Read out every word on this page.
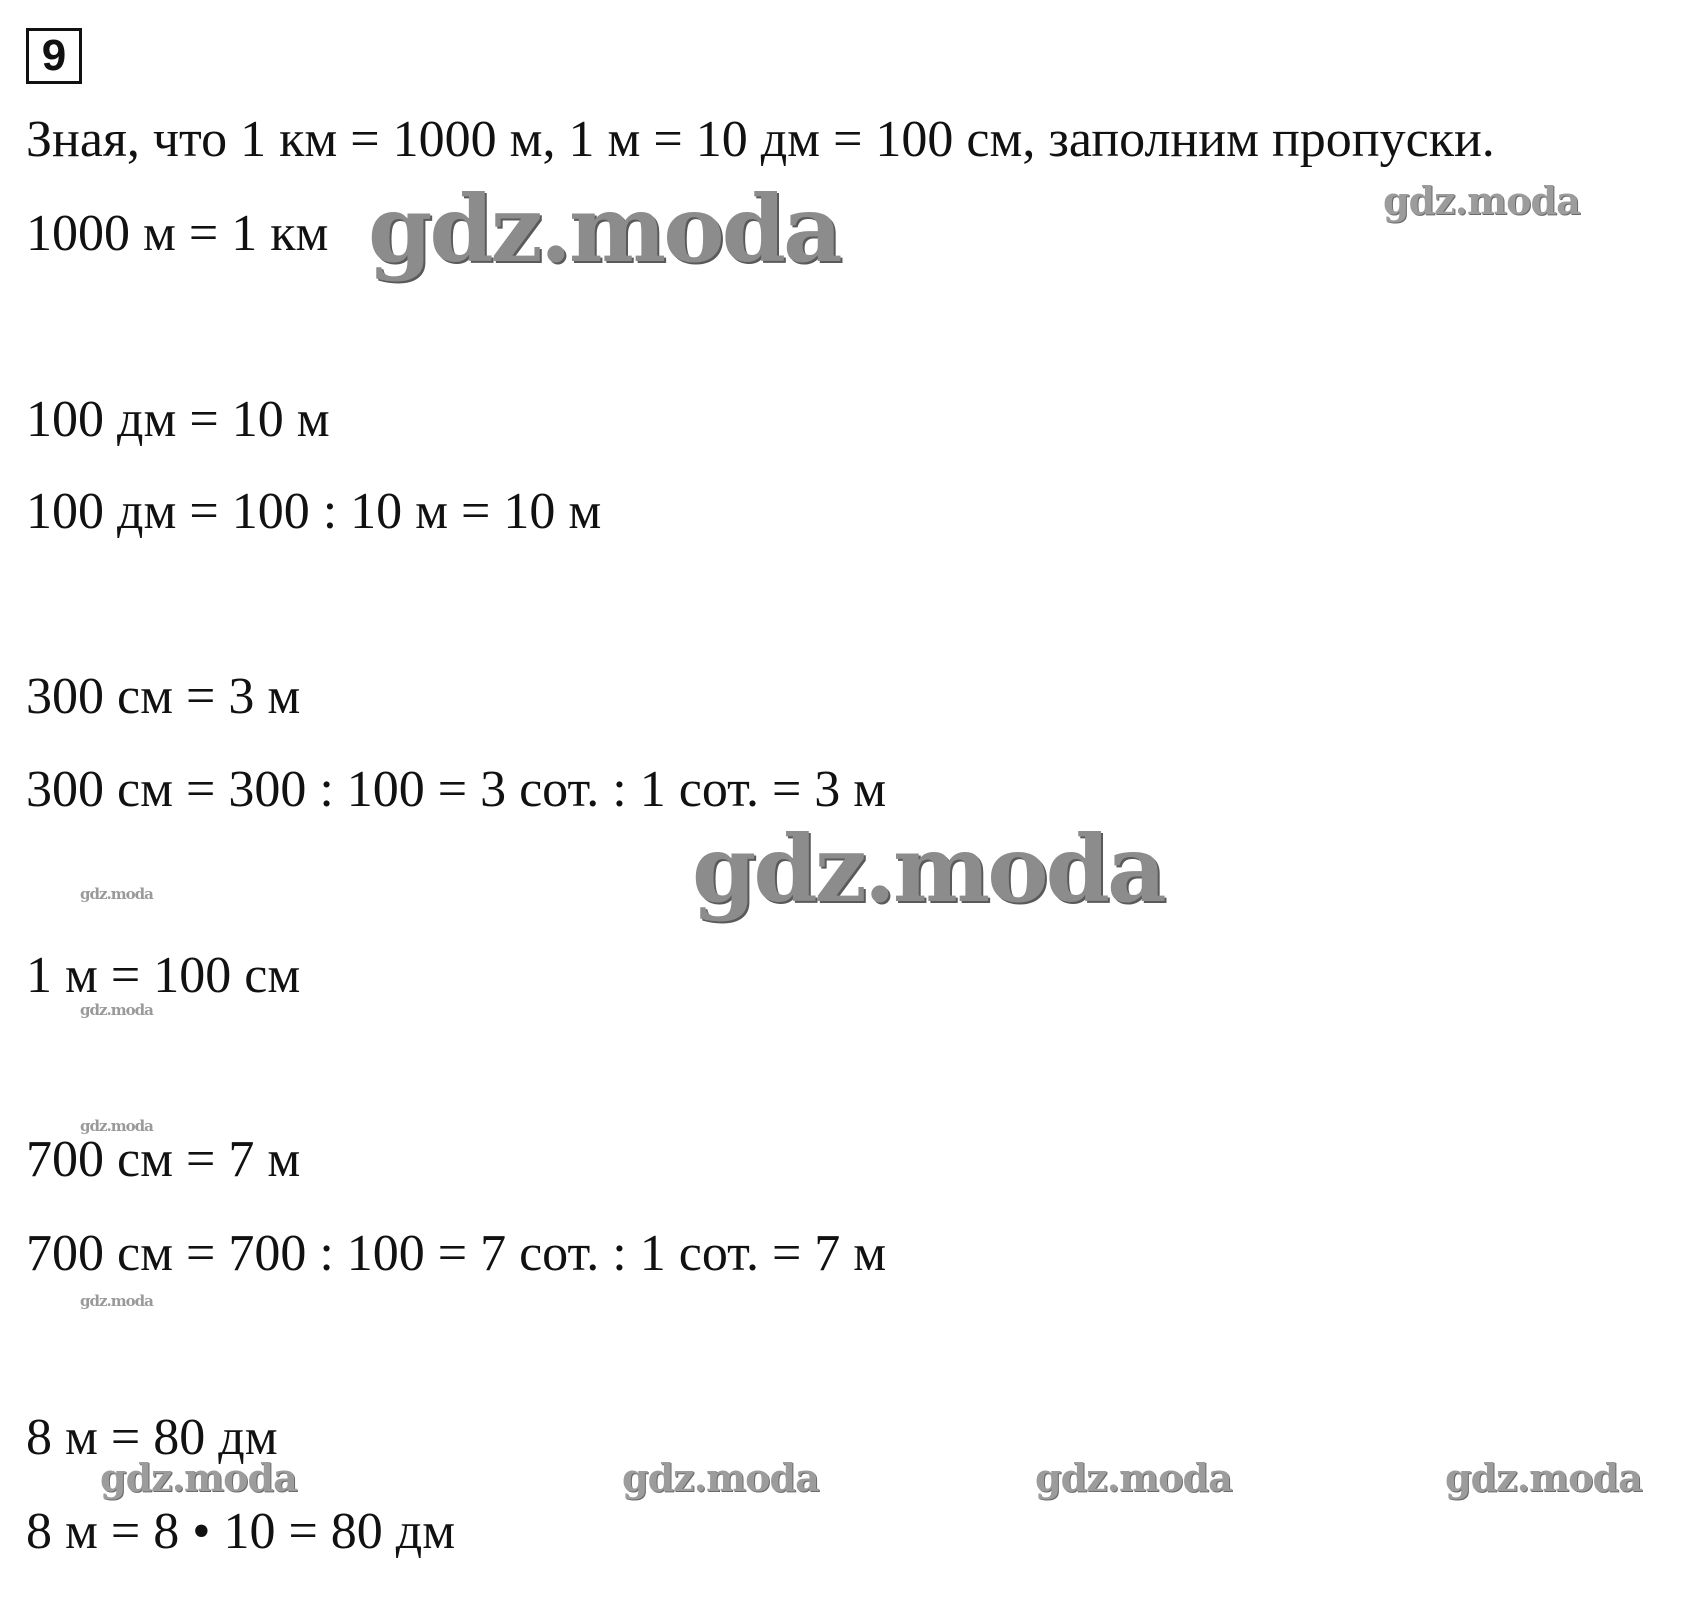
9
Зная, что 1 км = 1000 м, 1 м = 10 дм = 100 см, заполним пропуски.
1000 м = 1 км
100 дм = 10 м
100 дм = 100 : 10 м = 10 м
300 см = 3 м
300 см = 300 : 100 = 3 сот. : 1 сот. = 3 м
1 м = 100 см
700 см = 7 м
700 см = 700 : 100 = 7 сот. : 1 сот. = 7 м
8 м = 80 дм
8 м = 8 • 10 = 80 дм
gdz.moda
gdz.moda
gdz.moda
gdz.moda	gdz.moda	gdz.moda	gdz.moda
gdz.moda
gdz.moda
gdz.moda
gdz.moda
